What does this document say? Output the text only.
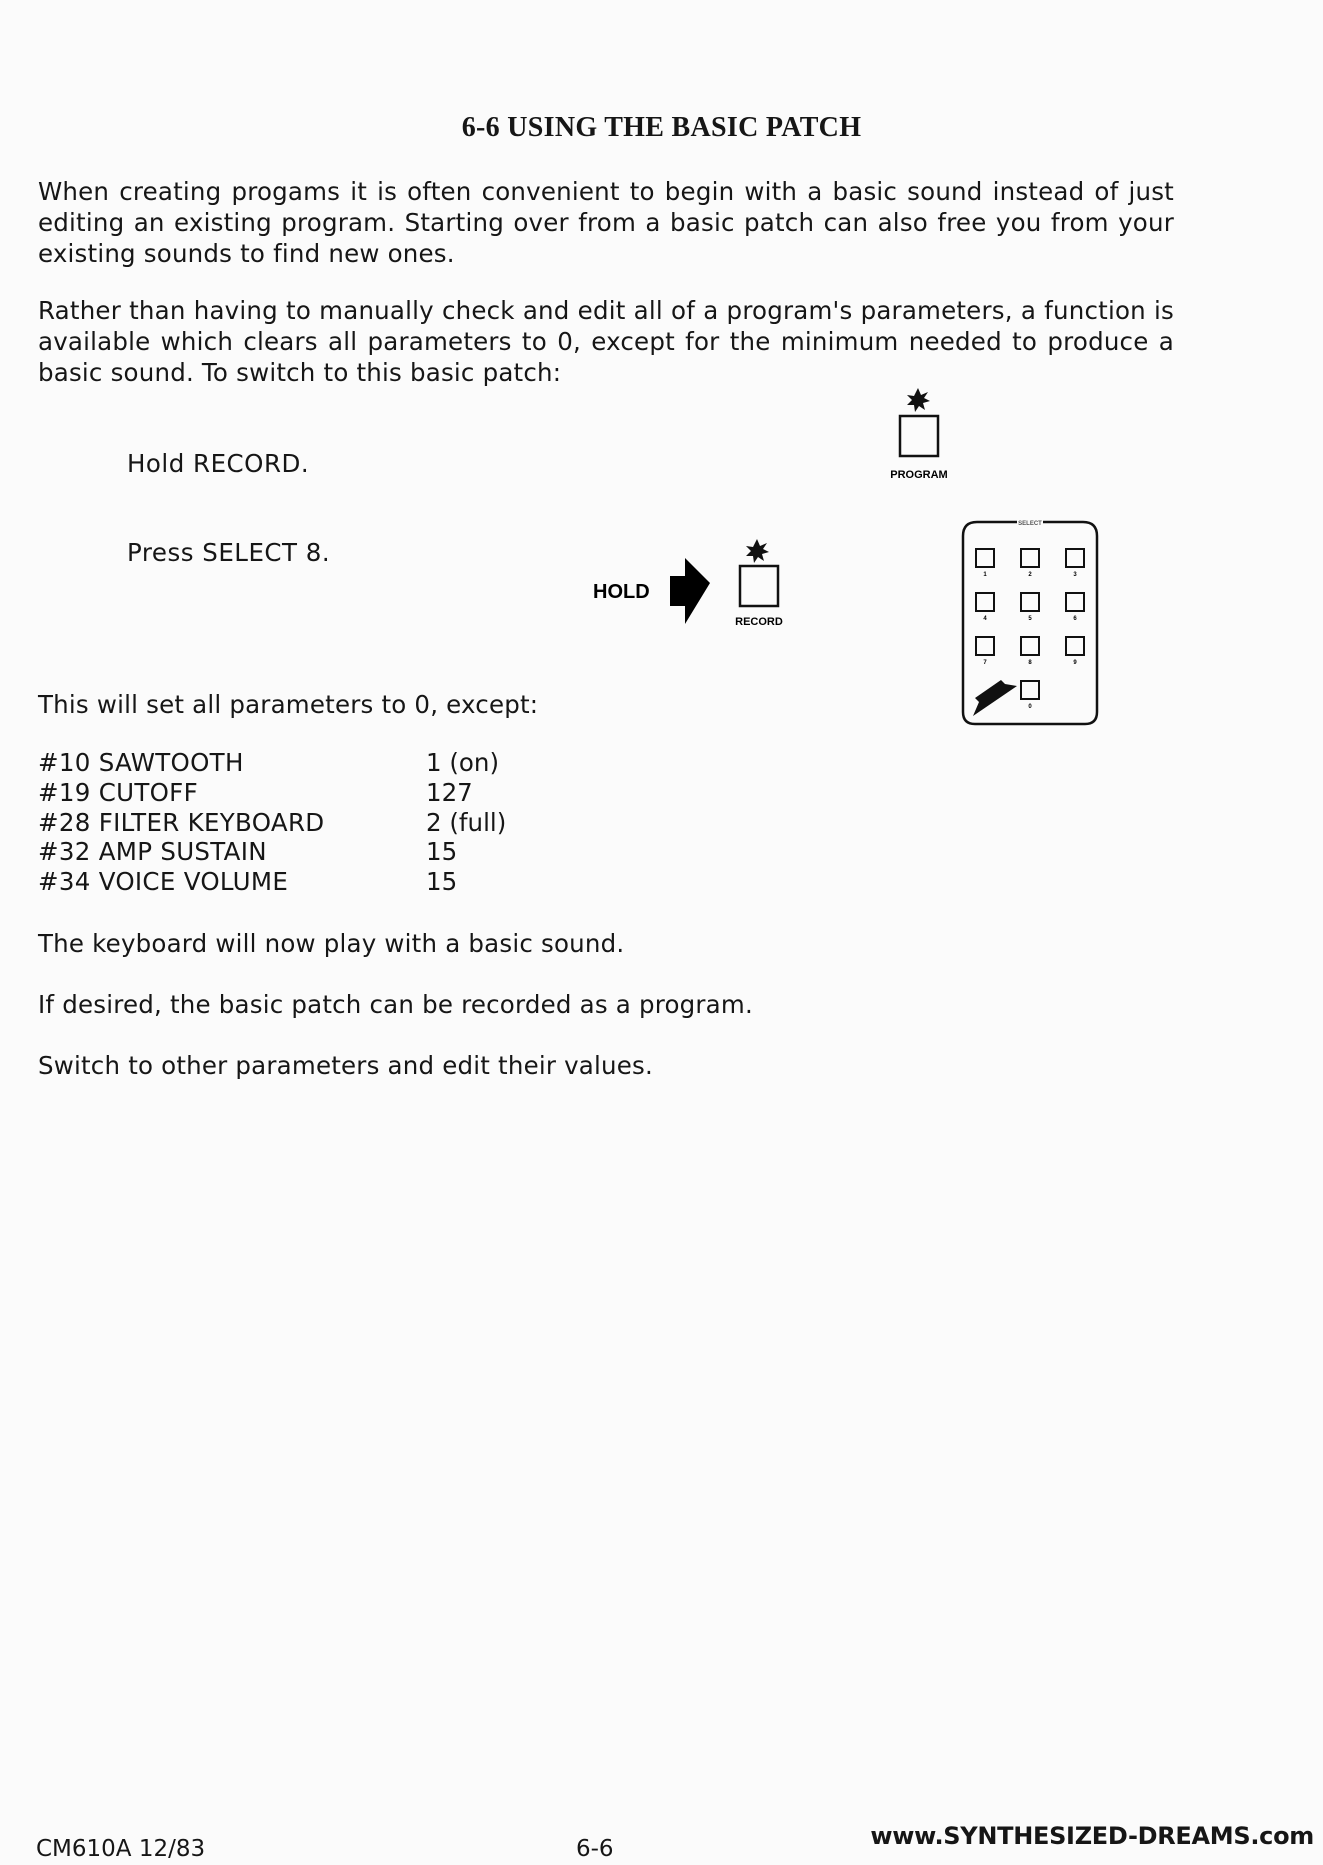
6-6 USING THE BASIC PATCH
When creating progams it is often convenient to begin with a basic sound instead of just editing an existing program. Starting over from a basic patch can also free you from your existing sounds to find new ones.
Rather than having to manually check and edit all of a program's parameters, a function is available which clears all parameters to 0, except for the minimum needed to produce a basic sound. To switch to this basic patch:
Hold RECORD.
Press SELECT 8.
PROGRAM
HOLD
RECORD
SELECT
1	2	3
4	5	6
7	8	9
0
This will set all parameters to 0, except:
#10 SAWTOOTH	1 (on)
#19 CUTOFF	127
#28 FILTER KEYBOARD	2 (full)
#32 AMP SUSTAIN	15
#34 VOICE VOLUME	15
The keyboard will now play with a basic sound.
If desired, the basic patch can be recorded as a program.
Switch to other parameters and edit their values.
CM610A 12/83	6-6	www.SYNTHESIZED-DREAMS.com
